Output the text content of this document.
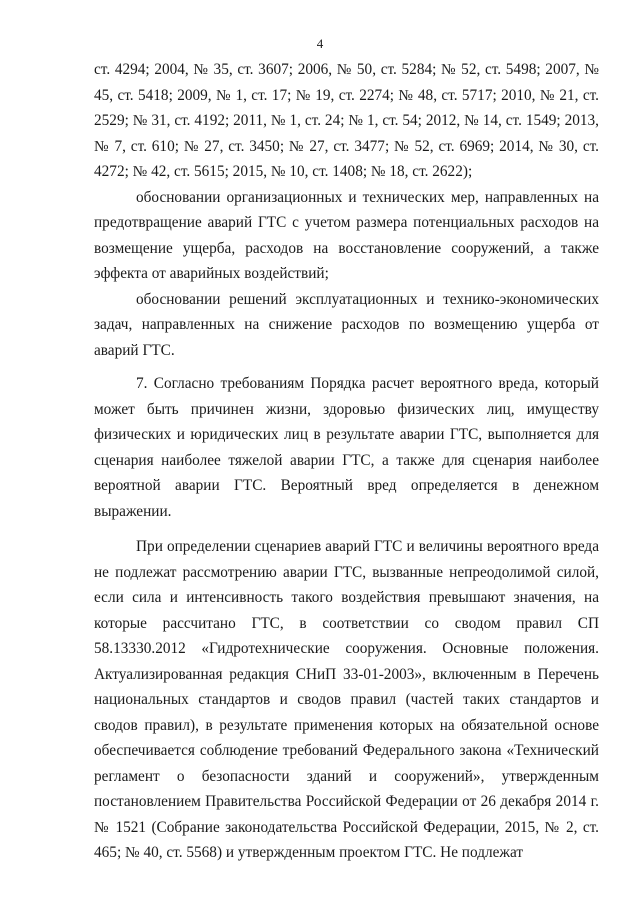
4

ст. 4294; 2004, № 35, ст. 3607; 2006, № 50, ст. 5284; № 52, ст. 5498; 2007, № 45, ст. 5418; 2009, № 1, ст. 17; № 19, ст. 2274; № 48, ст. 5717; 2010, № 21, ст. 2529; № 31, ст. 4192; 2011, № 1, ст. 24; № 1, ст. 54; 2012, № 14, ст. 1549; 2013, № 7, ст. 610; № 27, ст. 3450; № 27, ст. 3477; № 52, ст. 6969; 2014, № 30, ст. 4272; № 42, ст. 5615; 2015, № 10, ст. 1408; № 18, ст. 2622);

обосновании организационных и технических мер, направленных на предотвращение аварий ГТС с учетом размера потенциальных расходов на возмещение ущерба, расходов на восстановление сооружений, а также эффекта от аварийных воздействий;

обосновании решений эксплуатационных и технико-экономических задач, направленных на снижение расходов по возмещению ущерба от аварий ГТС.

7. Согласно требованиям Порядка расчет вероятного вреда, который может быть причинен жизни, здоровью физических лиц, имуществу физических и юридических лиц в результате аварии ГТС, выполняется для сценария наиболее тяжелой аварии ГТС, а также для сценария наиболее вероятной аварии ГТС. Вероятный вред определяется в денежном выражении.

При определении сценариев аварий ГТС и величины вероятного вреда не подлежат рассмотрению аварии ГТС, вызванные непреодолимой силой, если сила и интенсивность такого воздействия превышают значения, на которые рассчитано ГТС, в соответствии со сводом правил СП 58.13330.2012 «Гидротехнические сооружения. Основные положения. Актуализированная редакция СНиП 33-01-2003», включенным в Перечень национальных стандартов и сводов правил (частей таких стандартов и сводов правил), в результате применения которых на обязательной основе обеспечивается соблюдение требований Федерального закона «Технический регламент о безопасности зданий и сооружений», утвержденным постановлением Правительства Российской Федерации от 26 декабря 2014 г. № 1521 (Собрание законодательства Российской Федерации, 2015, № 2, ст. 465; № 40, ст. 5568) и утвержденным проектом ГТС. Не подлежат
